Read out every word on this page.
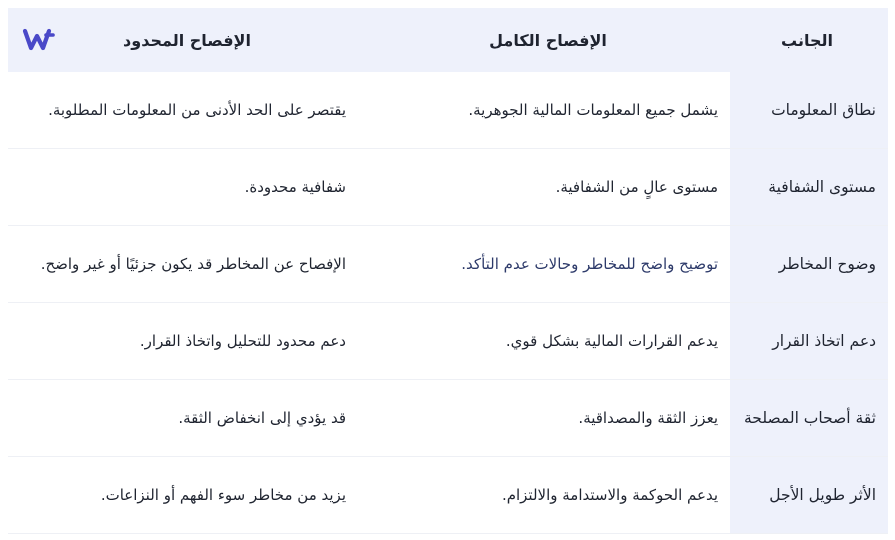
الجانب
الإفصاح الكامل
الإفصاح المحدود
نطاق المعلومات
يشمل جميع المعلومات المالية الجوهرية.
يقتصر على الحد الأدنى من المعلومات المطلوبة.
مستوى الشفافية
مستوى عالٍ من الشفافية.
شفافية محدودة.
وضوح المخاطر
توضيح واضح للمخاطر وحالات عدم التأكد.
الإفصاح عن المخاطر قد يكون جزئيًا أو غير واضح.
دعم اتخاذ القرار
يدعم القرارات المالية بشكل قوي.
دعم محدود للتحليل واتخاذ القرار.
ثقة أصحاب المصلحة
يعزز الثقة والمصداقية.
قد يؤدي إلى انخفاض الثقة.
الأثر طويل الأجل
يدعم الحوكمة والاستدامة والالتزام.
يزيد من مخاطر سوء الفهم أو النزاعات.
